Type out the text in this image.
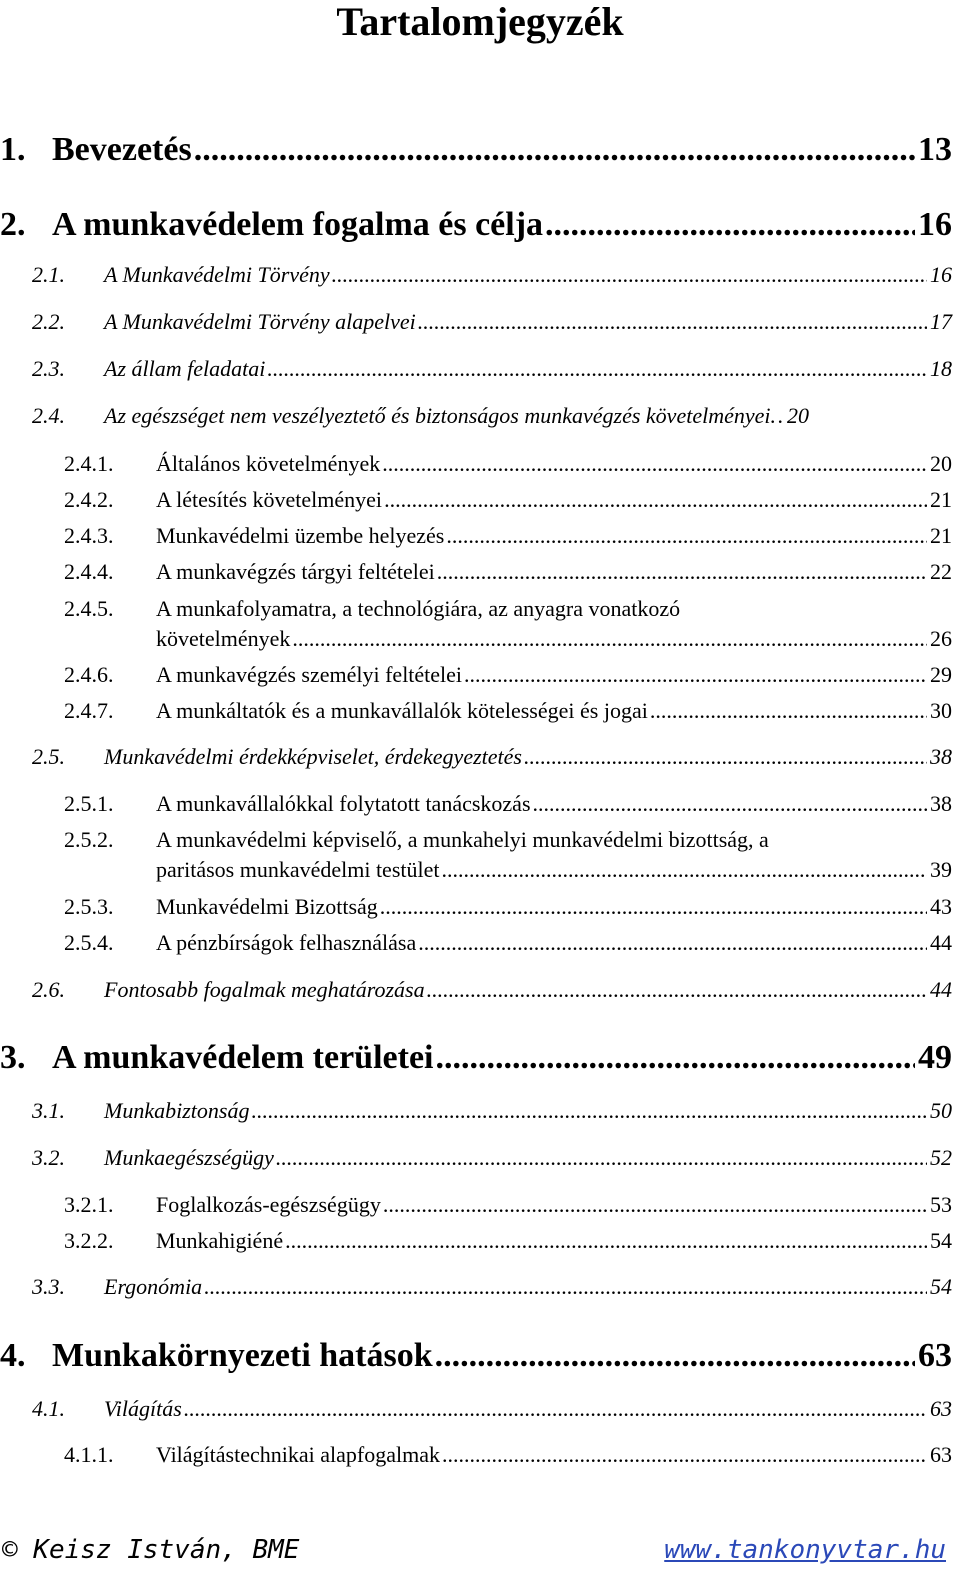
Tartalomjegyzék
1. Bevezetés .....	13
2. A munkavédelem fogalma és célja .....	16
2.1.	A Munkavédelmi Törvény .....	16
2.2.	A Munkavédelmi Törvény alapelvei .....	17
2.3.	Az állam feladatai .....	18
2.4.	Az egészséget nem veszélyeztető és biztonságos munkavégzés követelményei. ..... 20
2.4.1.	Általános követelmények .....	20
2.4.2.	A létesítés követelményei .....	21
2.4.3.	Munkavédelmi üzembe helyezés .....	21
2.4.4.	A munkavégzés tárgyi feltételei .....	22
2.4.5.	A munkafolyamatra, a technológiára, az anyagra vonatkozó
követelmények .....	26
2.4.6.	A munkavégzés személyi feltételei .....	29
2.4.7.	A munkáltatók és a munkavállalók kötelességei és jogai .....	30
2.5.	Munkavédelmi érdekképviselet, érdekegyeztetés .....	38
2.5.1.	A munkavállalókkal folytatott tanácskozás .....	38
2.5.2.	A munkavédelmi képviselő, a munkahelyi munkavédelmi bizottság, a
paritásos munkavédelmi testület .....	39
2.5.3.	Munkavédelmi Bizottság .....	43
2.5.4.	A pénzbírságok felhasználása .....	44
2.6.	Fontosabb fogalmak meghatározása .....	44
3. A munkavédelem területei .....	49
3.1.	Munkabiztonság .....	50
3.2.	Munkaegészségügy .....	52
3.2.1.	Foglalkozás-egészségügy .....	53
3.2.2.	Munkahigiéné .....	54
3.3.	Ergonómia .....	54
4. Munkakörnyezeti hatások .....	63
4.1.	Világítás .....	63
4.1.1.	Világítástechnikai alapfogalmak .....	63
© Keisz István, BME	www.tankonyvtar.hu
